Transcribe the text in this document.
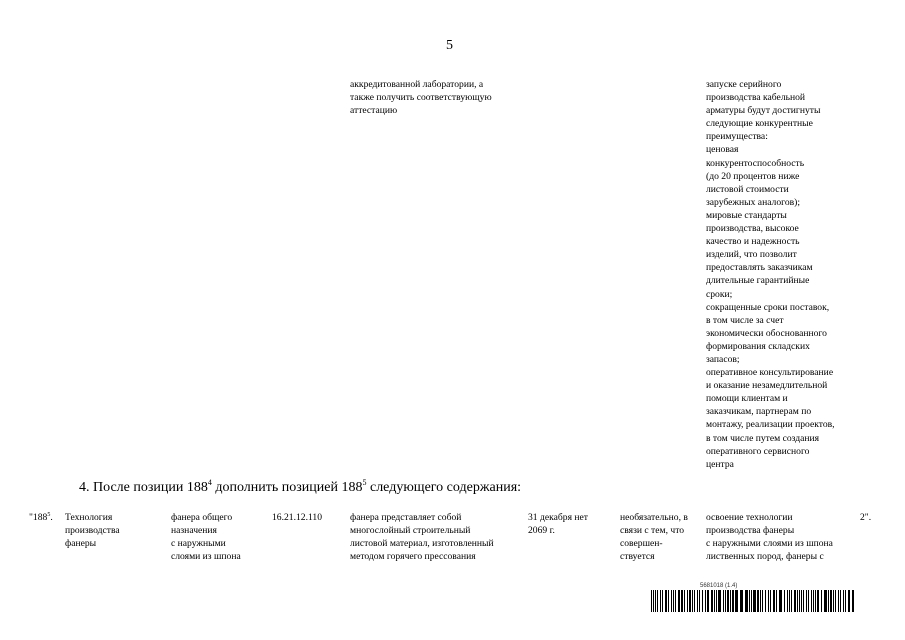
5
аккредитованной лаборатории, а
также получить соответствующую
аттестацию
запуске серийного
производства кабельной
арматуры будут достигнуты
следующие конкурентные
преимущества:
ценовая
конкурентоспособность
(до 20 процентов ниже
листовой стоимости
зарубежных аналогов);
мировые стандарты
производства, высокое
качество и надежность
изделий, что позволит
предоставлять заказчикам
длительные гарантийные
сроки;
сокращенные сроки поставок,
в том числе за счет
экономически обоснованного
формирования складских
запасов;
оперативное консультирование
и оказание незамедлительной
помощи клиентам и
заказчикам, партнерам по
монтажу, реализации проектов,
в том числе путем создания
оперативного сервисного
центра
4. После позиции $188^4$ дополнить позицией $188^5$ следующего содержания:
"$188^5$. Технология
производства
фанеры
фанера общего
назначения
с наружными
слоями из шпона
16.21.12.110	фанера представляет собой
многослойный строительный
листовой материал, изготовленный
методом горячего прессования
31 декабря нет
2069 г.
необязательно, в
связи с тем, что
совершен-
ствуется
освоение технологии
производства фанеры
с наружными слоями из шпона
лиственных пород, фанеры с
2".
5681018 (1.4)
